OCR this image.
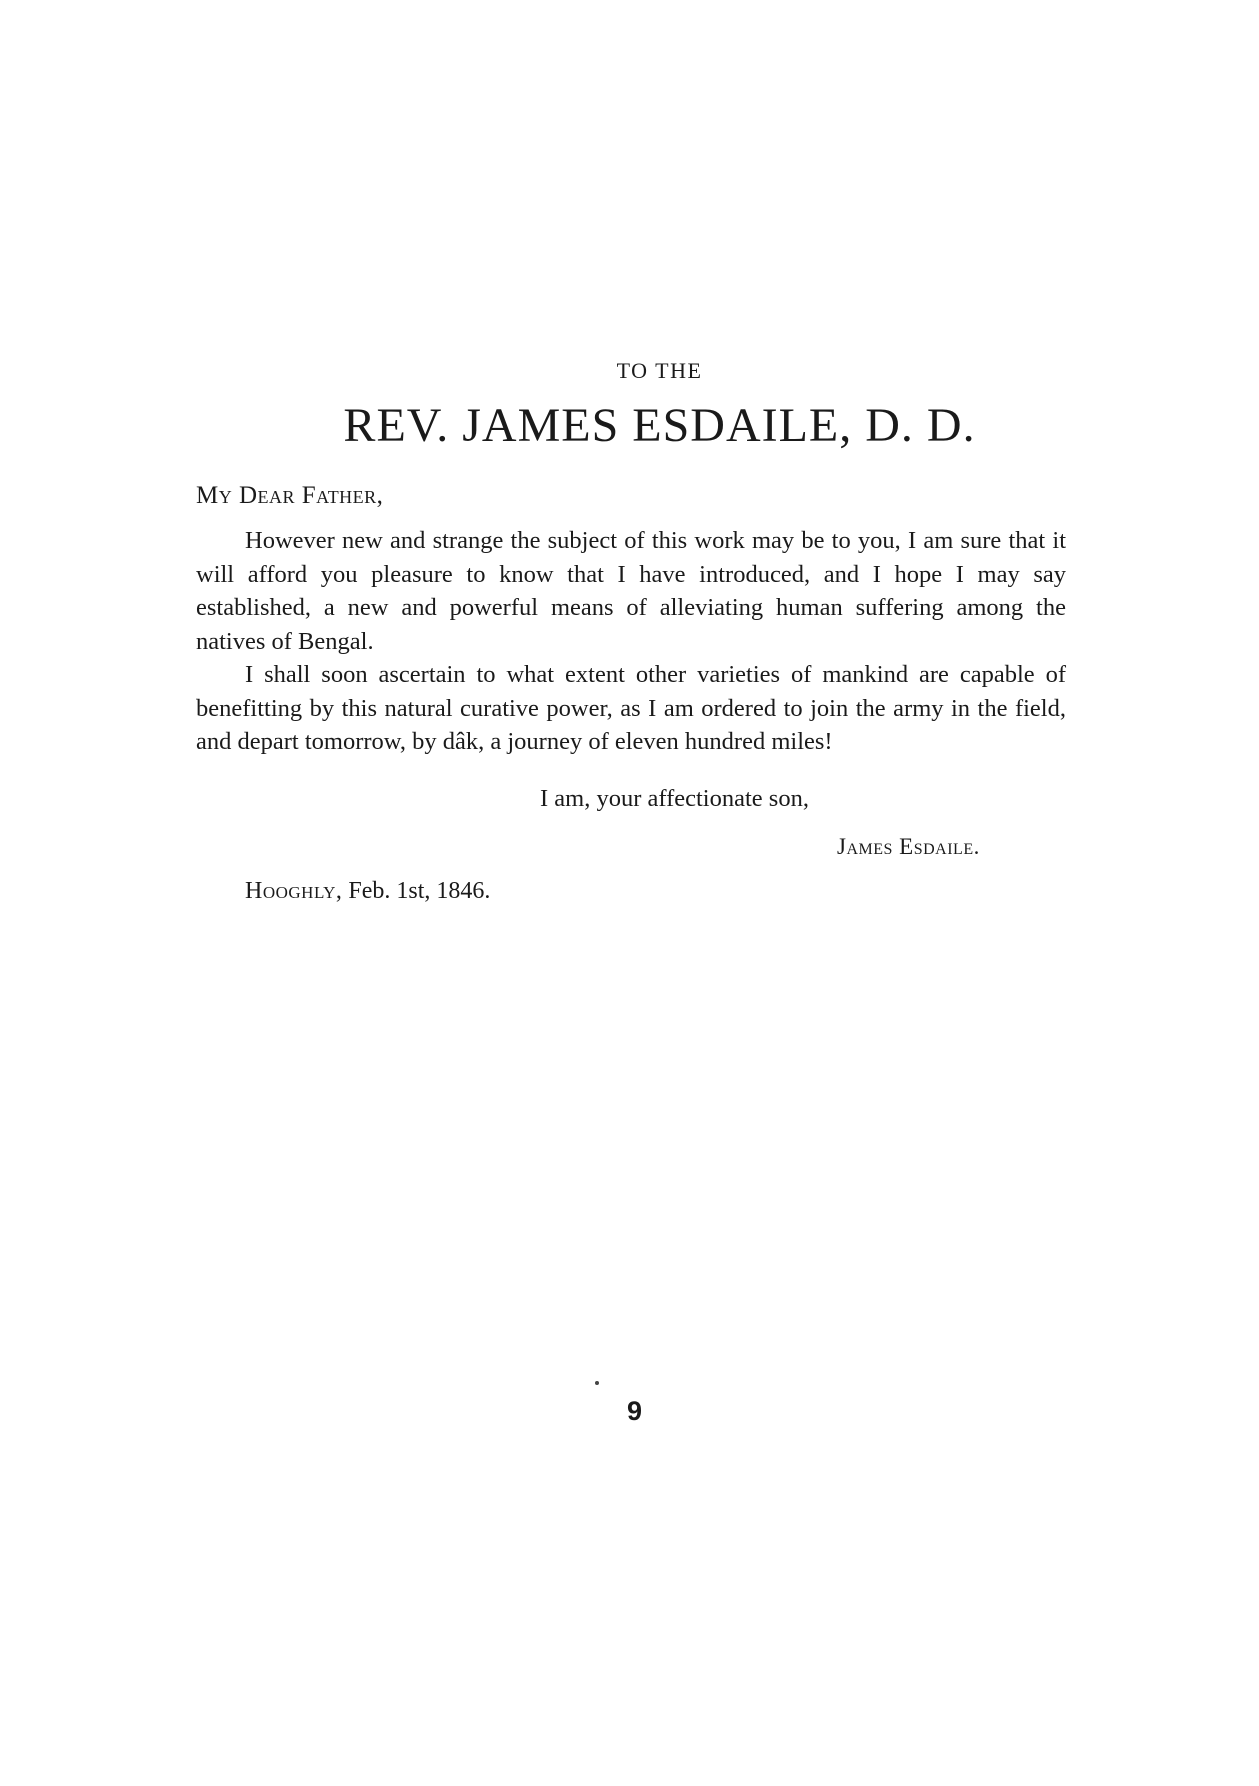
TO THE
REV. JAMES ESDAILE, D. D.
My Dear Father,

However new and strange the subject of this work may be to you, I am sure that it will afford you pleasure to know that I have introduced, and I hope I may say established, a new and powerful means of alleviating human suffering among the natives of Bengal.

I shall soon ascertain to what extent other varieties of mankind are capable of benefitting by this natural curative power, as I am ordered to join the army in the field, and depart tomorrow, by dâk, a journey of eleven hundred miles!

I am, your affectionate son,
James Esdaile.
Hooghly, Feb. 1st, 1846.
9
